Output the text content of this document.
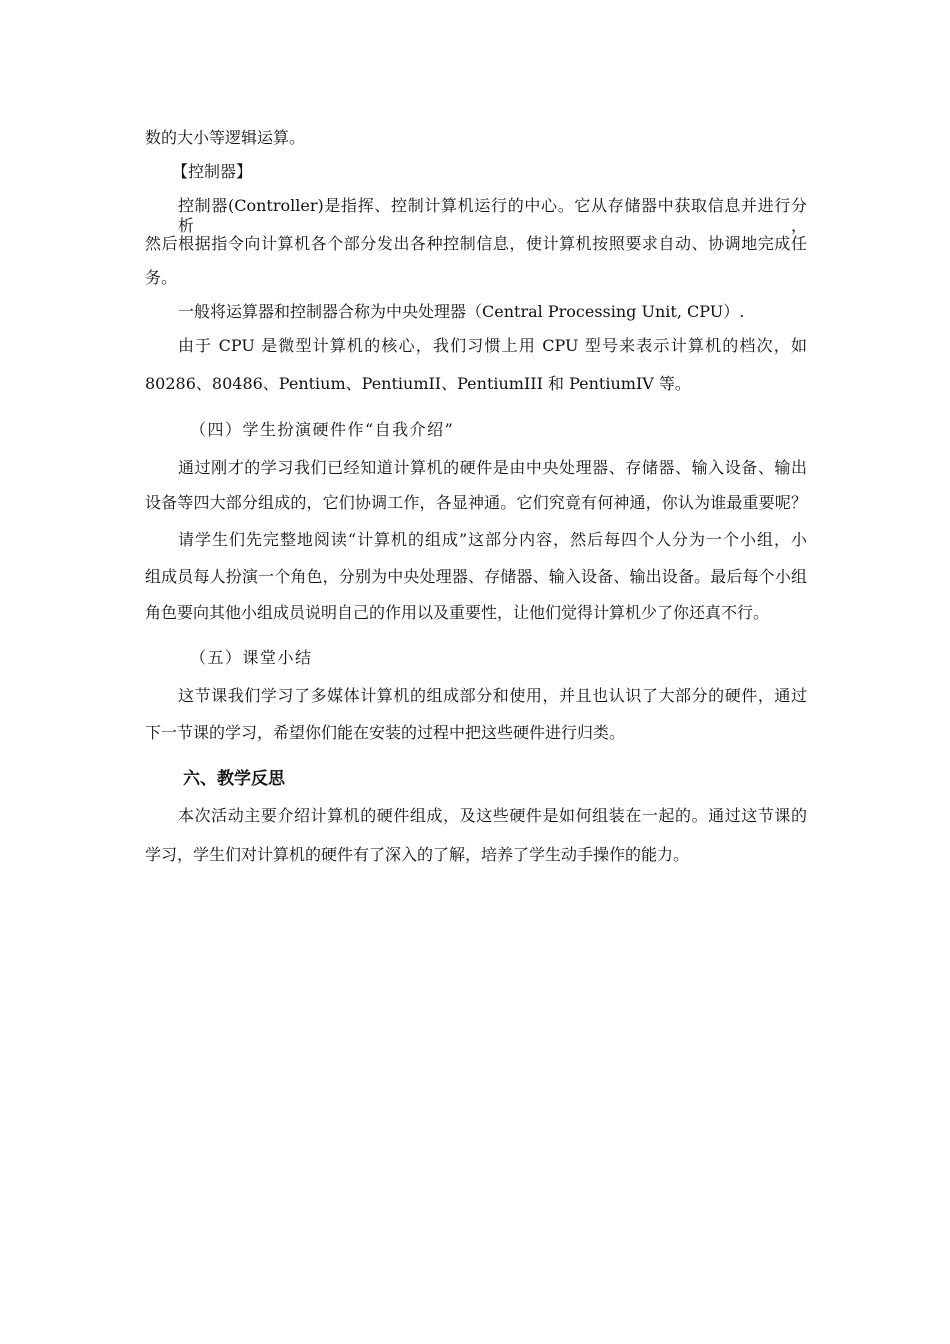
数的大小等逻辑运算。
【控制器】
控制器(Controller)是指挥、控制计算机运行的中心。它从存储器中获取信息并进行分析，
然后根据指令向计算机各个部分发出各种控制信息，使计算机按照要求自动、协调地完成任
务。
一般将运算器和控制器合称为中央处理器（Central Processing Unit, CPU）.
由于 CPU 是微型计算机的核心，我们习惯上用 CPU 型号来表示计算机的档次，如
80286、80486、Pentium、PentiumII、PentiumIII 和 PentiumIV 等。
（四）学生扮演硬件作“自我介绍”
通过刚才的学习我们已经知道计算机的硬件是由中央处理器、存储器、输入设备、输出
设备等四大部分组成的，它们协调工作，各显神通。它们究竟有何神通，你认为谁最重要呢？
请学生们先完整地阅读“计算机的组成”这部分内容，然后每四个人分为一个小组，小
组成员每人扮演一个角色，分别为中央处理器、存储器、输入设备、输出设备。最后每个小组
角色要向其他小组成员说明自己的作用以及重要性，让他们觉得计算机少了你还真不行。
（五）课堂小结
这节课我们学习了多媒体计算机的组成部分和使用，并且也认识了大部分的硬件，通过
下一节课的学习，希望你们能在安装的过程中把这些硬件进行归类。
六、教学反思
本次活动主要介绍计算机的硬件组成，及这些硬件是如何组装在一起的。通过这节课的
学习，学生们对计算机的硬件有了深入的了解，培养了学生动手操作的能力。
